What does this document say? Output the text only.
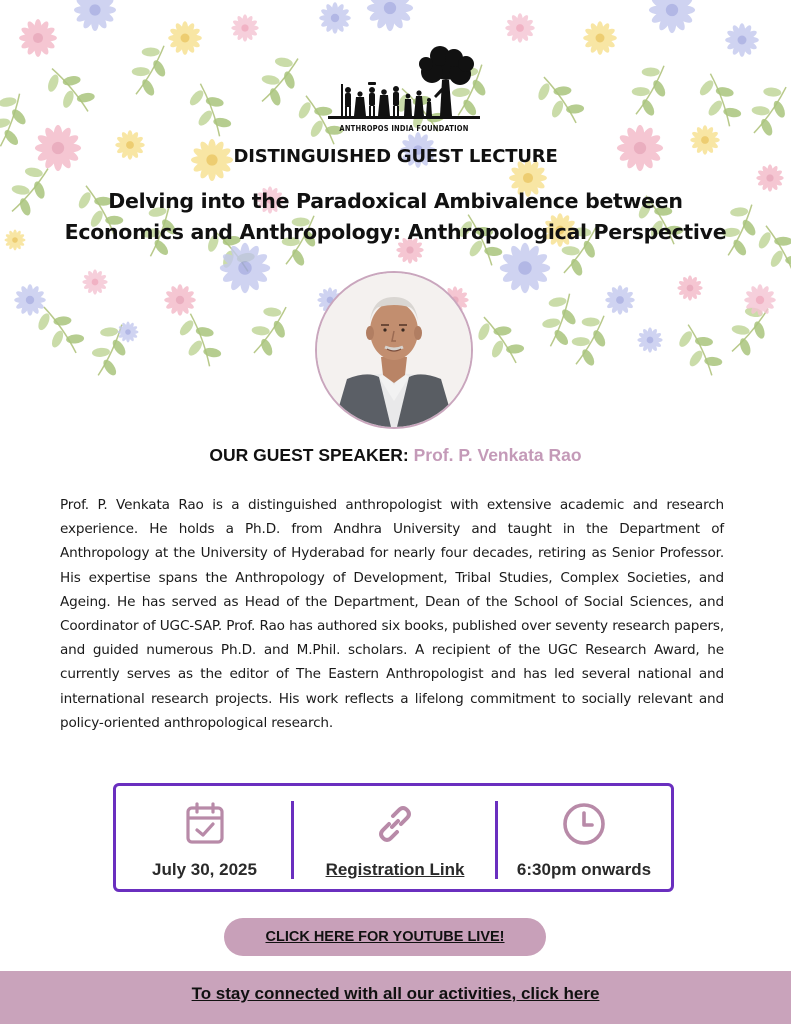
ANTHROPOS INDIA FOUNDATION
DISTINGUISHED GUEST LECTURE
Delving into the Paradoxical Ambivalence between
Economics and Anthropology: Anthropological Perspective
OUR GUEST SPEAKER: Prof. P. Venkata Rao
Prof. P. Venkata Rao is a distinguished anthropologist with extensive academic and research experience. He holds a Ph.D. from Andhra University and taught in the Department of Anthropology at the University of Hyderabad for nearly four decades, retiring as Senior Professor. His expertise spans the Anthropology of Development, Tribal Studies, Complex Societies, and Ageing. He has served as Head of the Department, Dean of the School of Social Sciences, and Coordinator of UGC-SAP. Prof. Rao has authored six books, published over seventy research papers, and guided numerous Ph.D. and M.Phil. scholars. A recipient of the UGC Research Award, he currently serves as the editor of The Eastern Anthropologist and has led several national and international research projects. His work reflects a lifelong commitment to socially relevant and policy-oriented anthropological research.
July 30, 2025	Registration Link	6:30pm onwards
CLICK HERE FOR YOUTUBE LIVE!
To stay connected with all our activities, click here
